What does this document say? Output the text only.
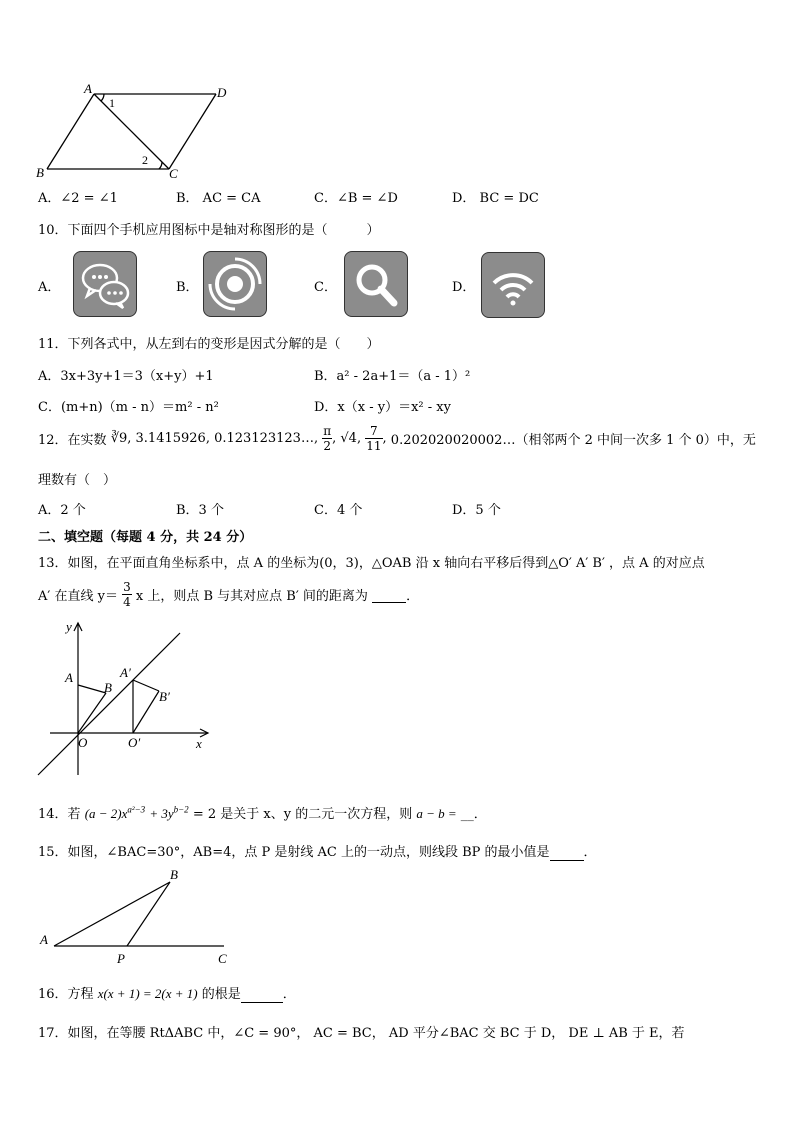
A	D
B	C
1
2
A．∠2 = ∠1	B． AC = CA	C．∠B = ∠D	D． BC = DC
10．下面四个手机应用图标中是轴对称图形的是（　　　）
A．	B．	C．	D．
11．下列各式中，从左到右的变形是因式分解的是（　　）
A．3x+3y+1＝3（x+y）+1	B．a² - 2a+1＝（a - 1）²
C．(m+n)（m - n）＝m² - n²	D．x（x - y）＝x² - xy
12．在实数 ∛9, 3.1415926, 0.123123123…, $\frac{\pi}{2}$ , √4, $\frac{7}{11}$ , 0.202020020002…（相邻两个 2 中间一次多 1 个 0）中，无
理数有（　）
A．2 个	B．3 个	C．4 个	D．5 个
二、填空题（每题 4 分，共 24 分）
13．如图，在平面直角坐标系中，点 A 的坐标为(0，3)，△OAB 沿 x 轴向右平移后得到△O′ A′ B′ ，点 A 的对应点
A′ 在直线 $y= \frac{3}{4}$ x 上，则点 B 与其对应点 B′ 间的距离为	．
y
x
O
A
B
A′
B′
O′
14．若 $(a - 2)x^{a^2-3} + 3y^{b-2} = 2$ 是关于 x、y 的二元一次方程，则 a − b = __．
15．如图，∠BAC=30°，AB=4，点 P 是射线 AC 上的一动点，则线段 BP 的最小值是	．
A
B
P	C
16．方程 x(x + 1) = 2(x + 1) 的根是	．
17．如图，在等腰 RtΔABC 中，∠C = 90°， AC = BC， AD 平分∠BAC 交 BC 于 D， DE ⊥ AB 于 E，若
